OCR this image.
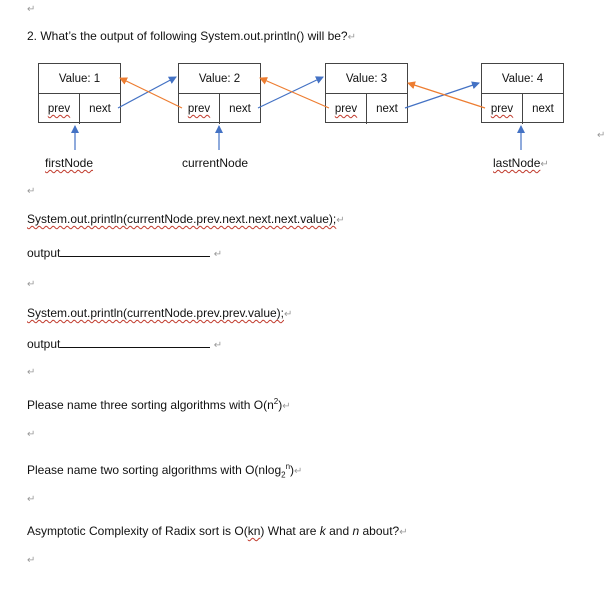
↵
2. What’s the output of following System.out.println() will be?↵
Value: 1
prev next
Value: 2
prev next
Value: 3
prev next
Value: 4
prev next
↵
firstNode	currentNode	lastNode↵
↵
System.out.println(currentNode.prev.next.next.next.value);↵
output	↵
↵
System.out.println(currentNode.prev.prev.value);↵
output	↵
↵
Please name three sorting algorithms with $O(n^2)↵$
↵
Please name two sorting algorithms with O(nlog$_2^n$)↵
↵
Asymptotic Complexity of Radix sort is O(kn) What are k and n about?↵
↵
